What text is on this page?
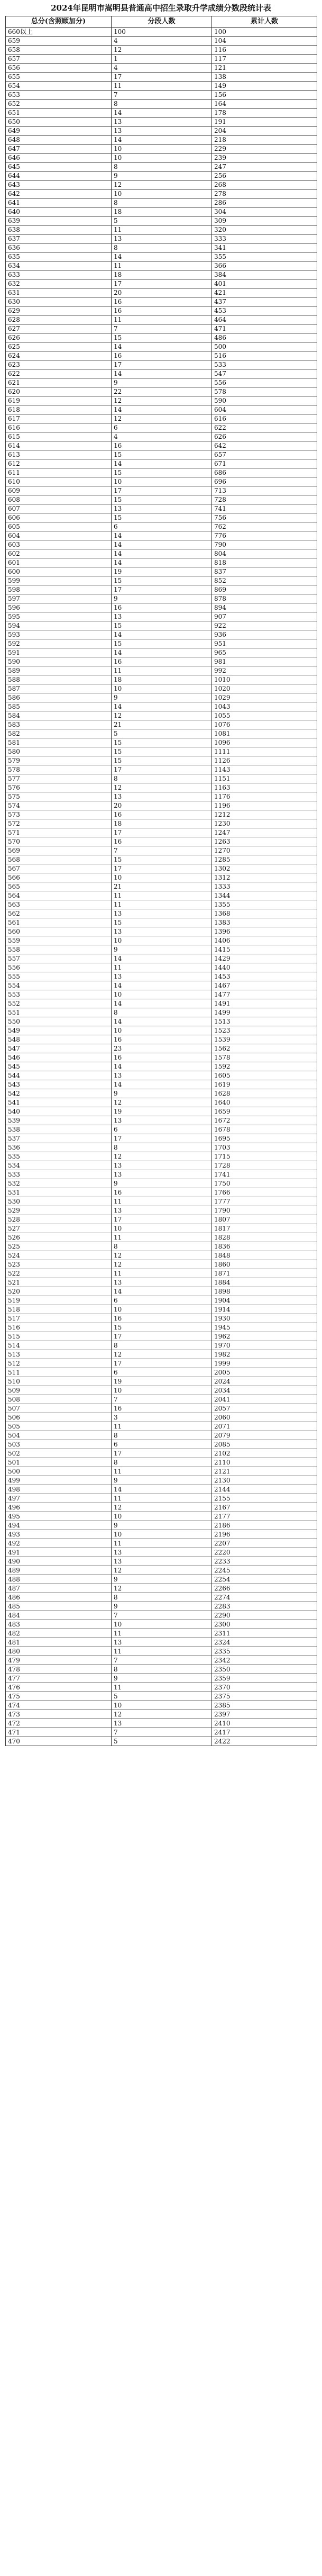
2024年昆明市嵩明县普通高中招生录取升学成绩分数段统计表
总分(含照顾加分)	分段人数	累计人数
660以上	100	100
659	4	104
658	12	116
657	1	117
656	4	121
655	17	138
654	11	149
653	7	156
652	8	164
651	14	178
650	13	191
649	13	204
648	14	218
647	10	229
646	10	239
645	8	247
644	9	256
643	12	268
642	10	278
641	8	286
640	18	304
639	5	309
638	11	320
637	13	333
636	8	341
635	14	355
634	11	366
633	18	384
632	17	401
631	20	421
630	16	437
629	16	453
628	11	464
627	7	471
626	15	486
625	14	500
624	16	516
623	17	533
622	14	547
621	9	556
620	22	578
619	12	590
618	14	604
617	12	616
616	6	622
615	4	626
614	16	642
613	15	657
612	14	671
611	15	686
610	10	696
609	17	713
608	15	728
607	13	741
606	15	756
605	6	762
604	14	776
603	14	790
602	14	804
601	14	818
600	19	837
599	15	852
598	17	869
597	9	878
596	16	894
595	13	907
594	15	922
593	14	936
592	15	951
591	14	965
590	16	981
589	11	992
588	18	1010
587	10	1020
586	9	1029
585	14	1043
584	12	1055
583	21	1076
582	5	1081
581	15	1096
580	15	1111
579	15	1126
578	17	1143
577	8	1151
576	12	1163
575	13	1176
574	20	1196
573	16	1212
572	18	1230
571	17	1247
570	16	1263
569	7	1270
568	15	1285
567	17	1302
566	10	1312
565	21	1333
564	11	1344
563	11	1355
562	13	1368
561	15	1383
560	13	1396
559	10	1406
558	9	1415
557	14	1429
556	11	1440
555	13	1453
554	14	1467
553	10	1477
552	14	1491
551	8	1499
550	14	1513
549	10	1523
548	16	1539
547	23	1562
546	16	1578
545	14	1592
544	13	1605
543	14	1619
542	9	1628
541	12	1640
540	19	1659
539	13	1672
538	6	1678
537	17	1695
536	8	1703
535	12	1715
534	13	1728
533	13	1741
532	9	1750
531	16	1766
530	11	1777
529	13	1790
528	17	1807
527	10	1817
526	11	1828
525	8	1836
524	12	1848
523	12	1860
522	11	1871
521	13	1884
520	14	1898
519	6	1904
518	10	1914
517	16	1930
516	15	1945
515	17	1962
514	8	1970
513	12	1982
512	17	1999
511	6	2005
510	19	2024
509	10	2034
508	7	2041
507	16	2057
506	3	2060
505	11	2071
504	8	2079
503	6	2085
502	17	2102
501	8	2110
500	11	2121
499	9	2130
498	14	2144
497	11	2155
496	12	2167
495	10	2177
494	9	2186
493	10	2196
492	11	2207
491	13	2220
490	13	2233
489	12	2245
488	9	2254
487	12	2266
486	8	2274
485	9	2283
484	7	2290
483	10	2300
482	11	2311
481	13	2324
480	11	2335
479	7	2342
478	8	2350
477	9	2359
476	11	2370
475	5	2375
474	10	2385
473	12	2397
472	13	2410
471	7	2417
470	5	2422
